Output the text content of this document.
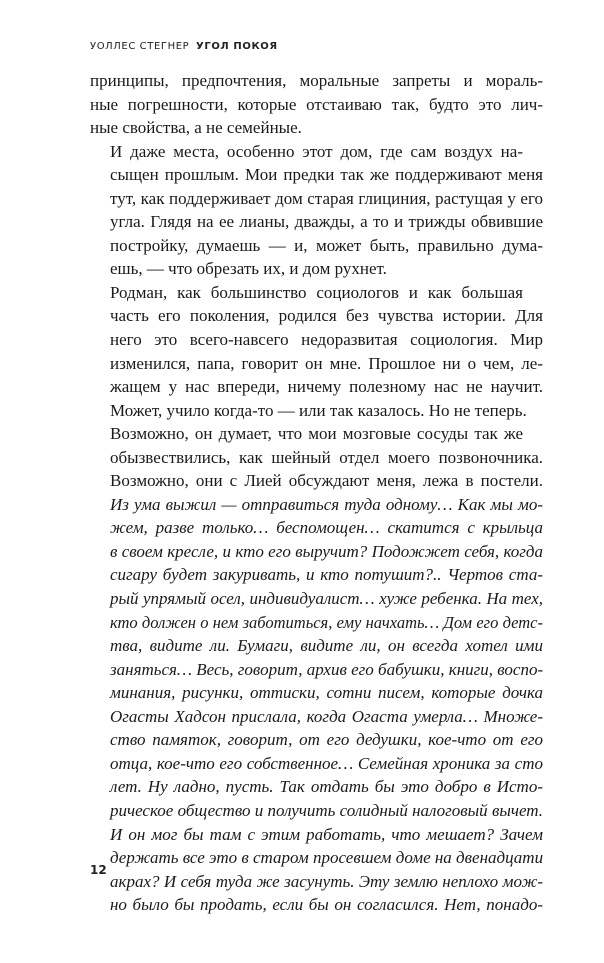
УОЛЛЕС СТЕГНЕР УГОЛ ПОКОЯ

принципы, предпочтения, моральные запреты и мораль-
ные погрешности, которые отстаиваю так, будто это лич-
ные свойства, а не семейные.

И даже места, особенно этот дом, где сам воздух на-
сыщен прошлым. Мои предки так же поддерживают меня
тут, как поддерживает дом старая глициния, растущая у его
угла. Глядя на ее лианы, дважды, а то и трижды обвившие
постройку, думаешь — и, может быть, правильно дума-
ешь, — что обрезать их, и дом рухнет.

Родман, как большинство социологов и как большая
часть его поколения, родился без чувства истории. Для
него это всего-навсего недоразвитая социология. Мир
изменился, папа, говорит он мне. Прошлое ни о чем, ле-
жащем у нас впереди, ничему полезному нас не научит.
Может, учило когда-то — или так казалось. Но не теперь.

Возможно, он думает, что мои мозговые сосуды так же
обызвествились, как шейный отдел моего позвоночника.
Возможно, они с Лией обсуждают меня, лежа в постели.
Из ума выжил — отправиться туда одному… Как мы мо-
жем, разве только… беспомощен… скатится с крыльца
в своем кресле, и кто его выручит? Подожжет себя, когда
сигару будет закуривать, и кто потушит?.. Чертов ста-
рый упрямый осел, индивидуалист… хуже ребенка. На тех,
кто должен о нем заботиться, ему начхать… Дом его детс-
тва, видите ли. Бумаги, видите ли, он всегда хотел ими
заняться… Весь, говорит, архив его бабушки, книги, воспо-
минания, рисунки, оттиски, сотни писем, которые дочка
Огасты Хадсон прислала, когда Огаста умерла… Множе-
ство памяток, говорит, от его дедушки, кое-что от его
отца, кое-что его собственное… Семейная хроника за сто
лет. Ну ладно, пусть. Так отдать бы это добро в Исто-
рическое общество и получить солидный налоговый вычет.
И он мог бы там с этим работать, что мешает? Зачем
держать все это в старом просевшем доме на двенадцати
акрах? И себя туда же засунуть. Эту землю неплохо мож-
но было бы продать, если бы он согласился. Нет, понадо-

12
